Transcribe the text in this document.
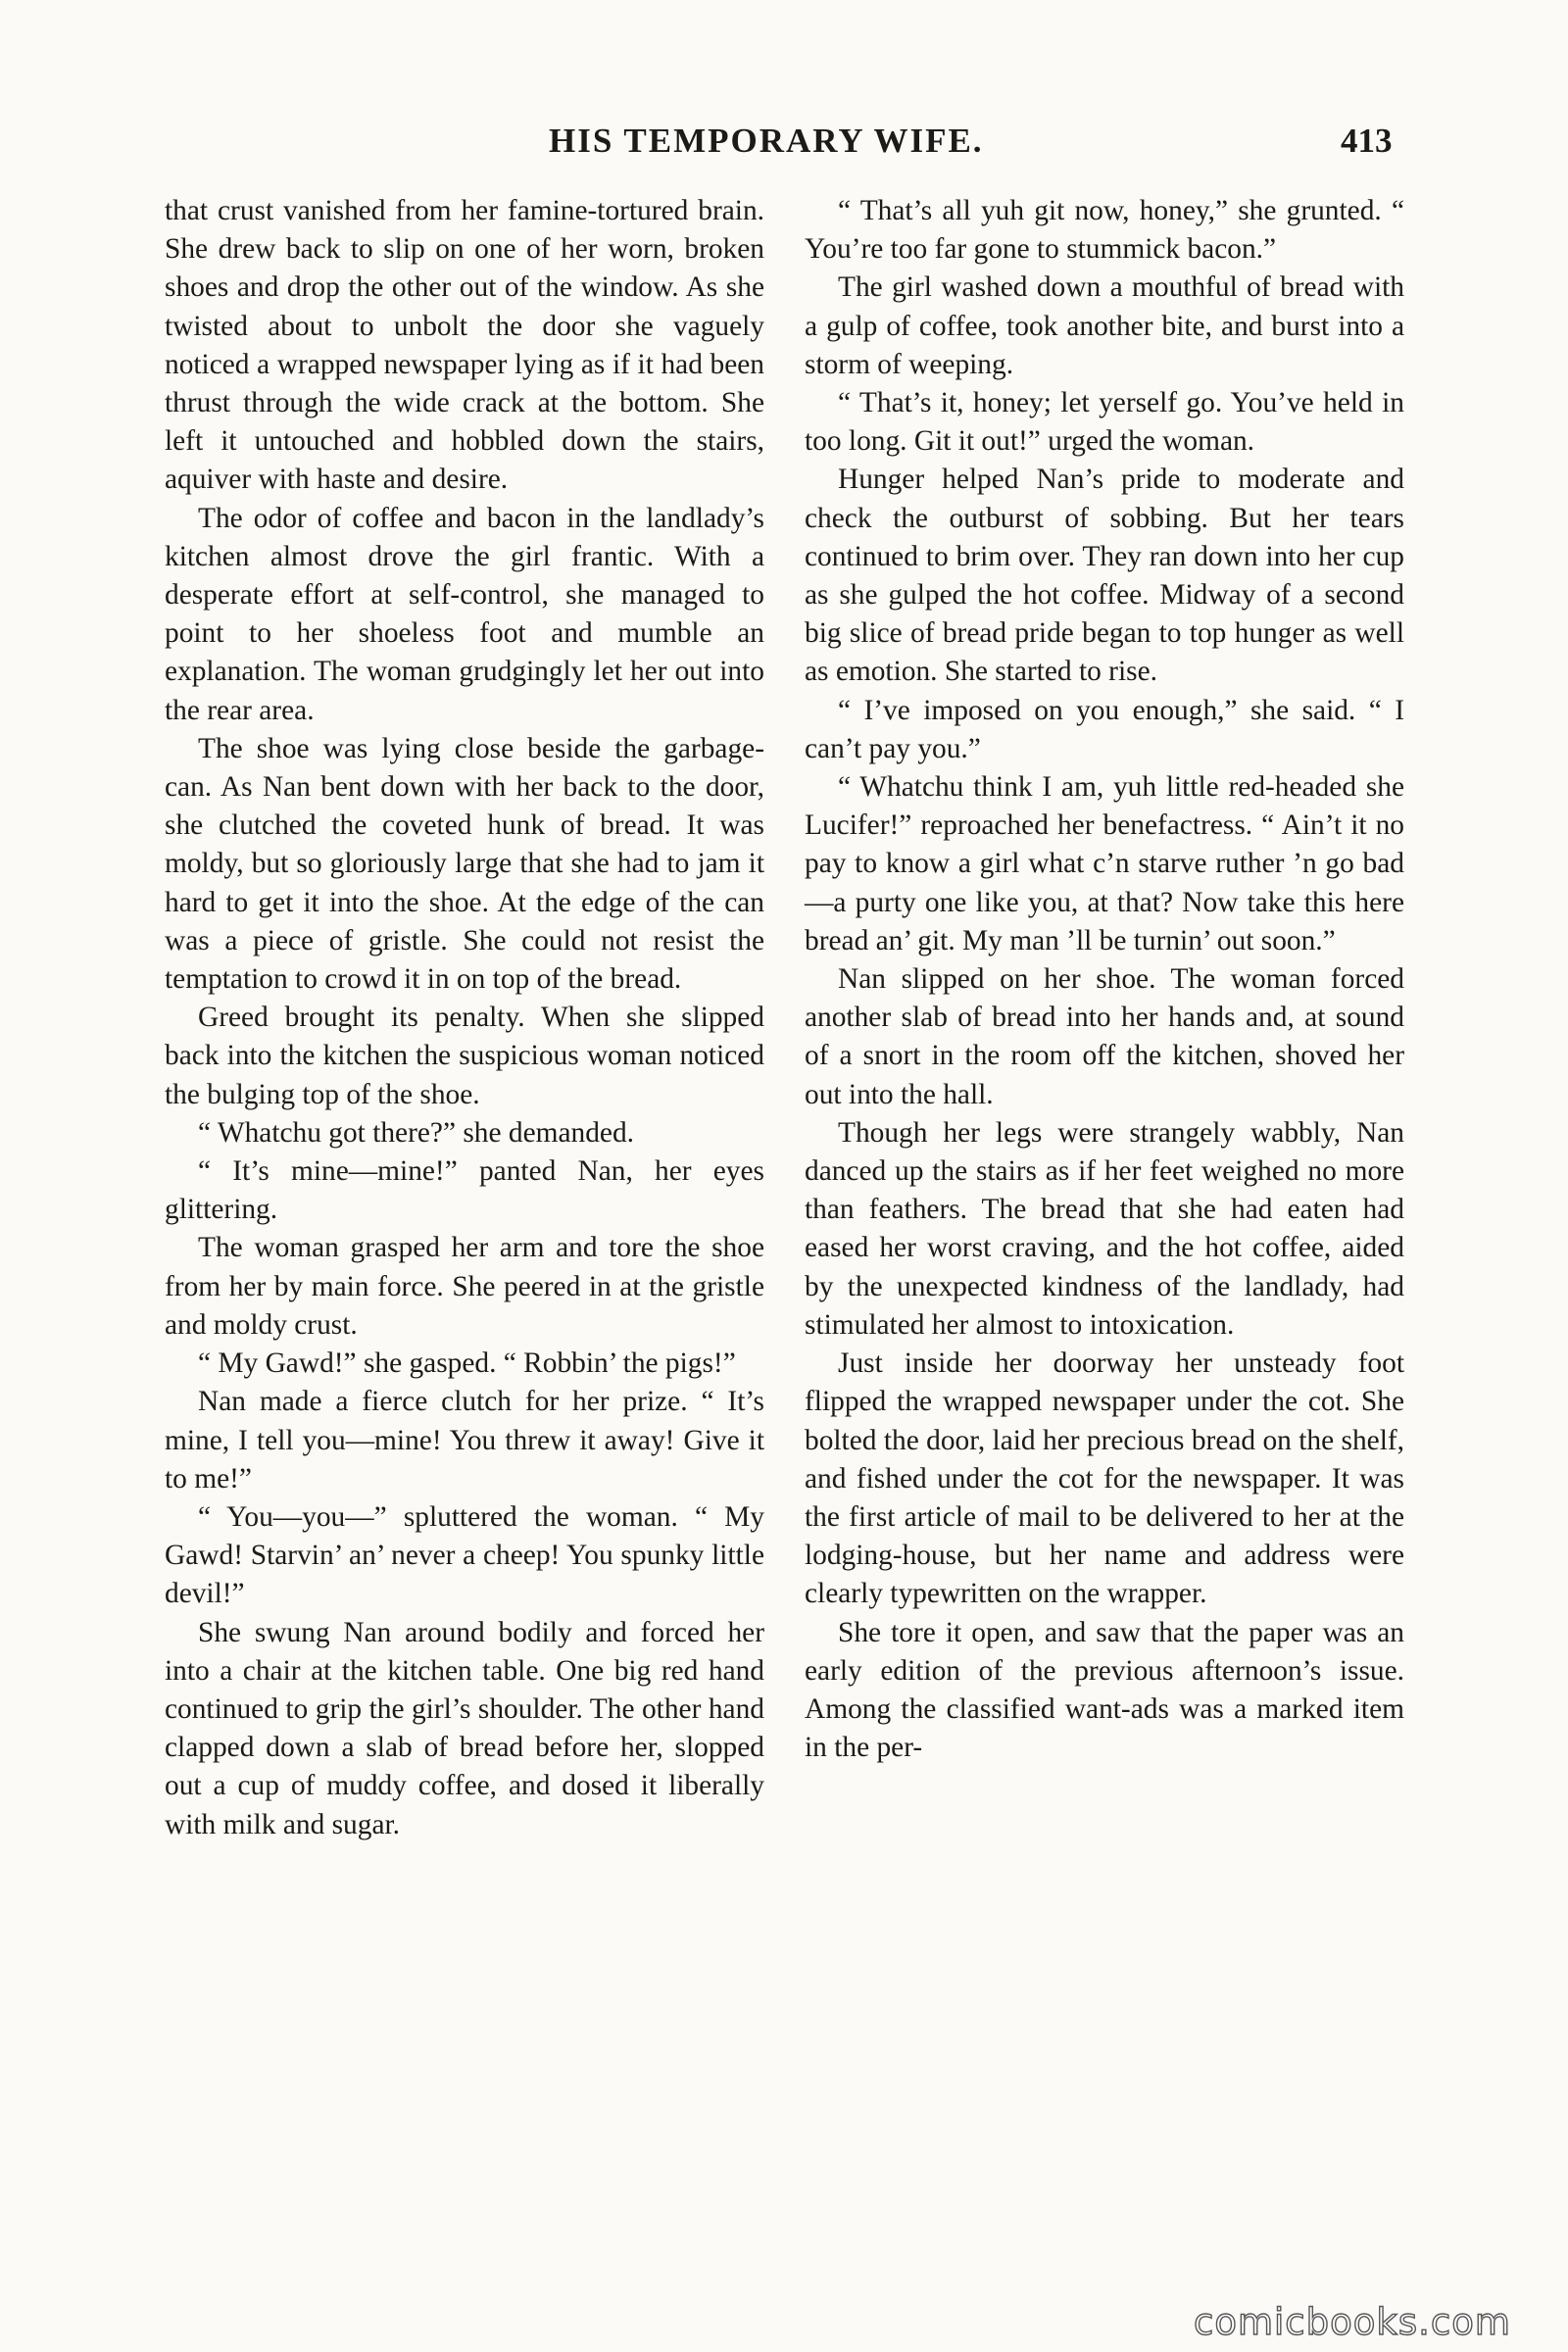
HIS TEMPORARY WIFE.	413

that crust vanished from her famine-tortured brain. She drew back to slip on one of her worn, broken shoes and drop the other out of the window. As she twisted about to unbolt the door she vaguely noticed a wrapped newspaper lying as if it had been thrust through the wide crack at the bottom. She left it untouched and hobbled down the stairs, aquiver with haste and desire.

The odor of coffee and bacon in the landlady’s kitchen almost drove the girl frantic. With a desperate effort at self-control, she managed to point to her shoeless foot and mumble an explanation. The woman grudgingly let her out into the rear area.

The shoe was lying close beside the garbage-can. As Nan bent down with her back to the door, she clutched the coveted hunk of bread. It was moldy, but so gloriously large that she had to jam it hard to get it into the shoe. At the edge of the can was a piece of gristle. She could not resist the temptation to crowd it in on top of the bread.

Greed brought its penalty. When she slipped back into the kitchen the suspicious woman noticed the bulging top of the shoe.

“ Whatchu got there?” she demanded.

“ It’s mine—mine!” panted Nan, her eyes glittering.

The woman grasped her arm and tore the shoe from her by main force. She peered in at the gristle and moldy crust.

“ My Gawd!” she gasped. “ Robbin’ the pigs!”

Nan made a fierce clutch for her prize. “ It’s mine, I tell you—mine! You threw it away! Give it to me!”

“ You—you—” spluttered the woman. “ My Gawd! Starvin’ an’ never a cheep! You spunky little devil!”

She swung Nan around bodily and forced her into a chair at the kitchen table. One big red hand continued to grip the girl’s shoulder. The other hand clapped down a slab of bread before her, slopped out a cup of muddy coffee, and dosed it liberally with milk and sugar.

“ That’s all yuh git now, honey,” she grunted. “ You’re too far gone to stummick bacon.”

The girl washed down a mouthful of bread with a gulp of coffee, took another bite, and burst into a storm of weeping.

“ That’s it, honey; let yerself go. You’ve held in too long. Git it out!” urged the woman.

Hunger helped Nan’s pride to moderate and check the outburst of sobbing. But her tears continued to brim over. They ran down into her cup as she gulped the hot coffee. Midway of a second big slice of bread pride began to top hunger as well as emotion. She started to rise.

“ I’ve imposed on you enough,” she said. “ I can’t pay you.”

“ Whatchu think I am, yuh little red-headed she Lucifer!” reproached her benefactress. “ Ain’t it no pay to know a girl what c’n starve ruther ’n go bad—a purty one like you, at that? Now take this here bread an’ git. My man ’ll be turnin’ out soon.”

Nan slipped on her shoe. The woman forced another slab of bread into her hands and, at sound of a snort in the room off the kitchen, shoved her out into the hall.

Though her legs were strangely wabbly, Nan danced up the stairs as if her feet weighed no more than feathers. The bread that she had eaten had eased her worst craving, and the hot coffee, aided by the unexpected kindness of the landlady, had stimulated her almost to intoxication.

Just inside her doorway her unsteady foot flipped the wrapped newspaper under the cot. She bolted the door, laid her precious bread on the shelf, and fished under the cot for the newspaper. It was the first article of mail to be delivered to her at the lodging-house, but her name and address were clearly typewritten on the wrapper.

She tore it open, and saw that the paper was an early edition of the previous afternoon’s issue. Among the classified want-ads was a marked item in the per-

comicbooks.com
